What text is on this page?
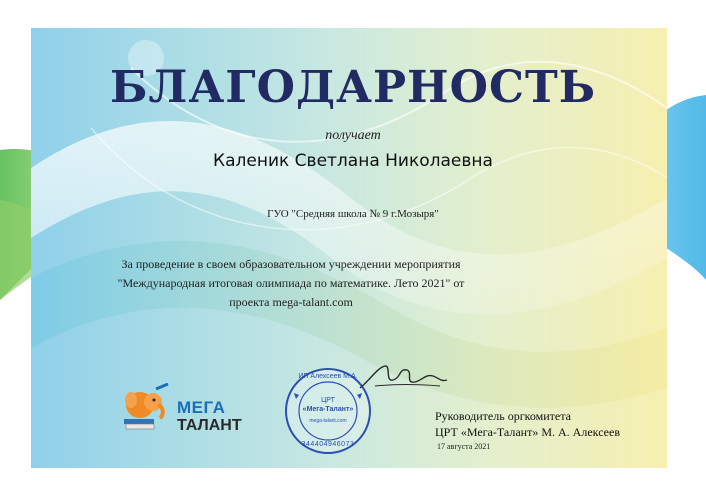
БЛАГОДАРНОСТЬ
получает
Каленик Светлана Николаевна
ГУО "Средняя школа № 9 г.Мозыря"
За проведение в своем образовательном учреждении мероприятия
"Международная итоговая олимпиада по математике. Лето 2021" от
проекта mega-talant.com
МЕГА
ТАЛАНТ
ИП Алексеев М.А.
ЦРТ
«Мега-Талант»
mega-talant.com
344404946073
Руководитель оргкомитета
ЦРТ «Мега-Талант» М. А. Алексеев
17 августа 2021
